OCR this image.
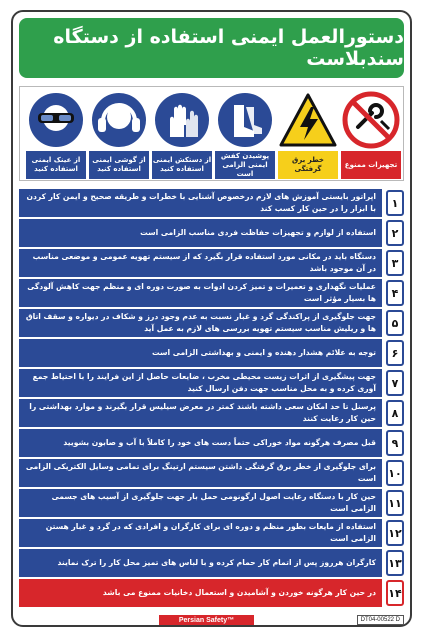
دستورالعمل ایمنی استفاده از دستگاه سندبلاست
تجهیزات ممنوع
خطر برق گرفتگی
پوشیدن کفش ایمنی الزامی است
از دستکش ایمنی استفاده کنید
از گوشی ایمنی استفاده کنید
از عینک ایمنی استفاده کنید
۱
اپراتور بایستی آموزش های لازم درخصوص آشنایی با خطرات و طریقه صحیح و ایمن کار کردن با ابزار را در حین کار کسب کند
۲
استفاده از لوازم و تجهیزات حفاظت فردی مناسب الزامی است
۳
دستگاه باید در مکانی مورد استفاده قرار بگیرد که از سیستم تهویه عمومی و موضعی مناسب در آن موجود باشد
۴
عملیات نگهداری و تعمیرات و تمیز کردن ادوات به صورت دوره ای و منظم جهت کاهش آلودگی ها بسیار مؤثر است
۵
جهت جلوگیری از پراکندگی گرد و غبار نسبت به عدم وجود درز و شکاف در دیواره و سقف اتاق ها و ریلیش مناسب سیستم تهویه بررسی های لازم به عمل آید
۶
توجه به علائم هشدار دهنده و ایمنی و بهداشتی الزامی است
۷
جهت پیشگیری از اثرات زیست محیطی مخرب ، ضایعات حاصل از این فرایند را با احتیاط جمع آوری کرده و به محل مناسب جهت دفن ارسال کنید
۸
پرسنل تا حد امکان سعی داشته باشند کمتر در معرض سیلیس قرار بگیرند و موارد بهداشتی را حین کار رعایت کنند
۹
قبل مصرف هرگونه مواد خوراکی حتماً دست های خود را کاملاً با آب و صابون بشویید
۱۰
برای جلوگیری از خطر برق گرفتگی داشتن سیستم ارتینگ برای تمامی وسایل الکتریکی الزامی است
۱۱
حین کار با دستگاه رعایت اصول ارگونومی حمل بار جهت جلوگیری از آسیب های جسمی الزامی است
۱۲
استفاده از مایعات بطور منظم و دوره ای برای کارگران و افرادی که در گرد و غبار هستن الزامی است
۱۳
کارگران هرروز پس از اتمام کار حمام کرده و با لباس های تمیز محل کار را ترک نمایند
۱۴
در حین کار هرگونه خوردن و آشامیدن و استعمال دخانیات ممنوع می باشد
Persian Safety™	DT04-00522 D
